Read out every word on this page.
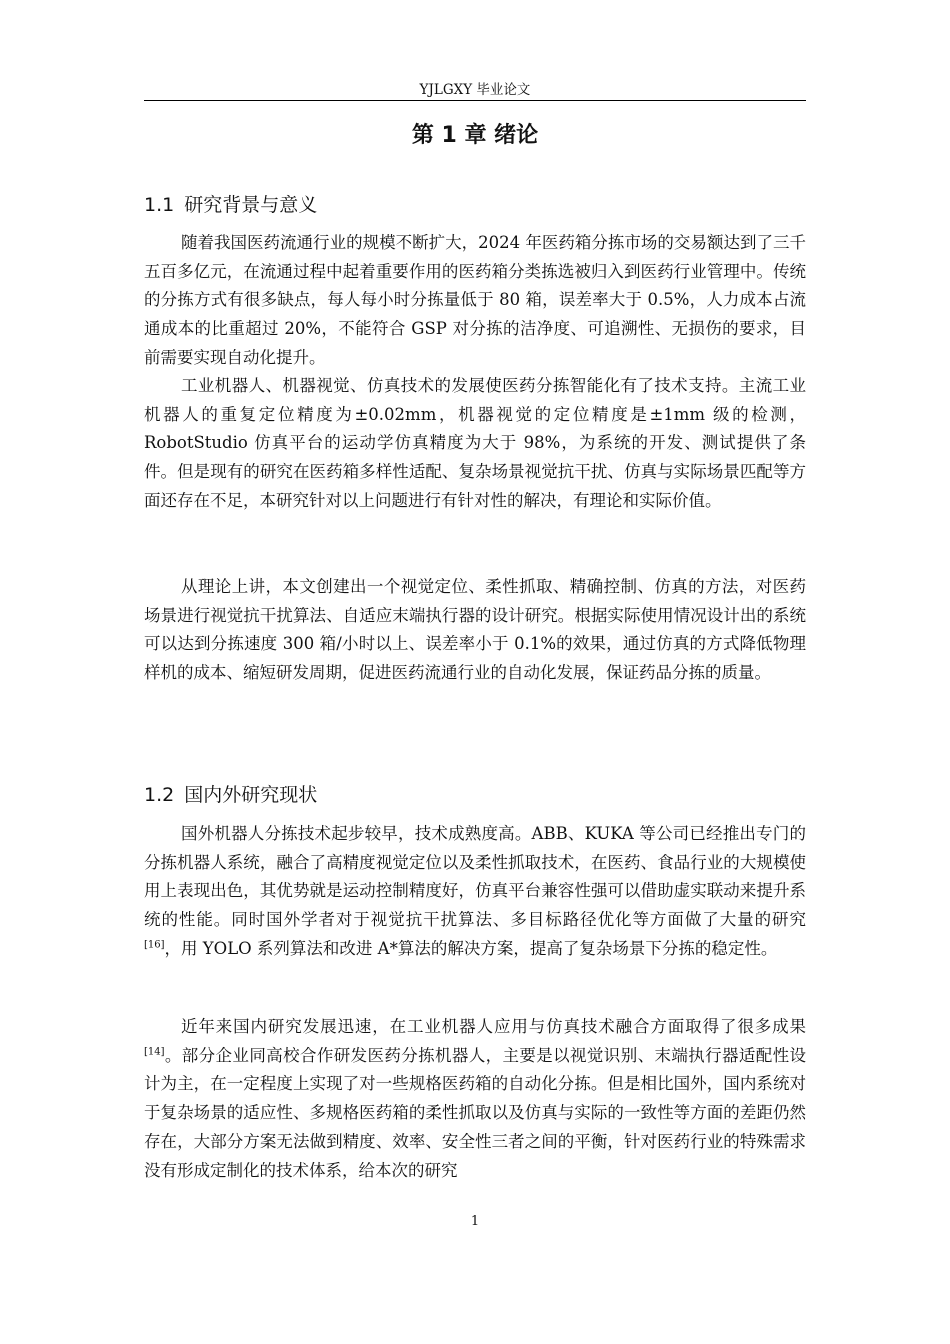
YJLGXY 毕业论文
第 1 章 绪论
1.1 研究背景与意义

随着我国医药流通行业的规模不断扩大，2024 年医药箱分拣市场的交易额达到了三千五百多亿元，在流通过程中起着重要作用的医药箱分类拣选被归入到医药行业管理中。传统的分拣方式有很多缺点，每人每小时分拣量低于 80 箱，误差率大于 0.5%，人力成本占流通成本的比重超过 20%，不能符合 GSP 对分拣的洁净度、可追溯性、无损伤的要求，目前需要实现自动化提升。

工业机器人、机器视觉、仿真技术的发展使医药分拣智能化有了技术支持。主流工业机器人的重复定位精度为±0.02mm，机器视觉的定位精度是±1mm 级的检测，RobotStudio 仿真平台的运动学仿真精度为大于 98%，为系统的开发、测试提供了条件。但是现有的研究在医药箱多样性适配、复杂场景视觉抗干扰、仿真与实际场景匹配等方面还存在不足，本研究针对以上问题进行有针对性的解决，有理论和实际价值。

从理论上讲，本文创建出一个视觉定位、柔性抓取、精确控制、仿真的方法，对医药场景进行视觉抗干扰算法、自适应末端执行器的设计研究。根据实际使用情况设计出的系统可以达到分拣速度 300 箱/小时以上、误差率小于 0.1%的效果，通过仿真的方式降低物理样机的成本、缩短研发周期，促进医药流通行业的自动化发展，保证药品分拣的质量。

1.2 国内外研究现状

国外机器人分拣技术起步较早，技术成熟度高。ABB、KUKA 等公司已经推出专门的分拣机器人系统，融合了高精度视觉定位以及柔性抓取技术，在医药、食品行业的大规模使用上表现出色，其优势就是运动控制精度好，仿真平台兼容性强可以借助虚实联动来提升系统的性能。同时国外学者对于视觉抗干扰算法、多目标路径优化等方面做了大量的研究[16]，用 YOLO 系列算法和改进 A*算法的解决方案，提高了复杂场景下分拣的稳定性。

近年来国内研究发展迅速，在工业机器人应用与仿真技术融合方面取得了很多成果[14]。部分企业同高校合作研发医药分拣机器人，主要是以视觉识别、末端执行器适配性设计为主，在一定程度上实现了对一些规格医药箱的自动化分拣。但是相比国外，国内系统对于复杂场景的适应性、多规格医药箱的柔性抓取以及仿真与实际的一致性等方面的差距仍然存在，大部分方案无法做到精度、效率、安全性三者之间的平衡，针对医药行业的特殊需求没有形成定制化的技术体系，给本次的研究

1
